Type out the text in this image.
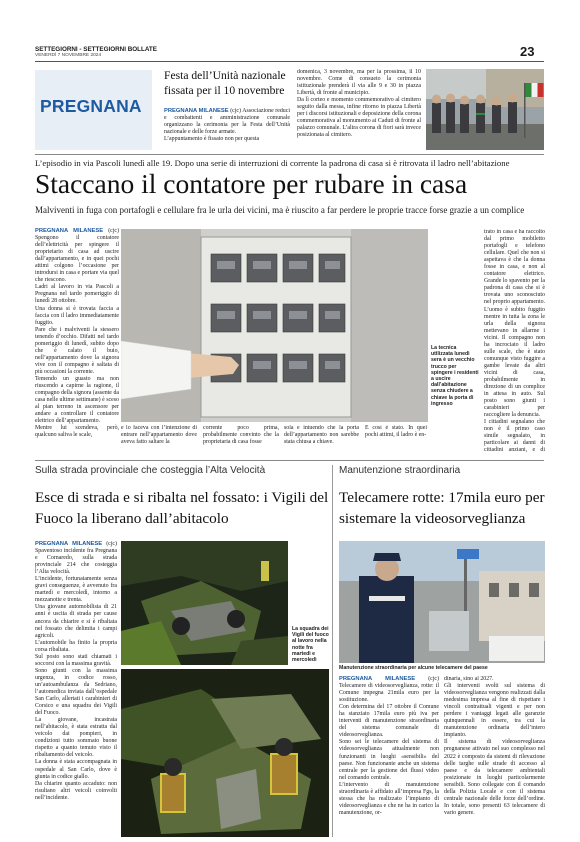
SETTEGIORNI - SETTEGIORNI BOLLATE
VENERDÌ 7 NOVEMBRE 2024	23
PREGNANA
Festa dell’Unità nazionale fissata per il 10 novembre
PREGNANA MILANESE (cjc) Associazione reduci e combattenti e amministrazione comunale organizzano la cerimonia per la Festa dell’Unità nazionale e delle forze armate.
L’appuntamento è fissato non per questa
domenica, 3 novembre, ma per la prossima, il 10 novembre. Come di consueto la cerimonia istituzionale prenderà il via alle 9 e 30 in piazza Libertà, di fronte al municipio.
Da lì corteo e momento commemorativo al cimitero seguito dalla messa, infine ritorno in piazza Libertà per i discorsi istituzionali e deposizione della corona commemorativa al monumento ai Caduti di fronte al palazzo comunale. L’altra corona di fiori sarà invece posizionata al cimitero.
L’episodio in via Pascoli lunedì alle 19. Dopo una serie di interruzioni di corrente la padrona di casa si è ritrovata il ladro nell’abitazione
Staccano il contatore per rubare in casa
Malviventi in fuga con portafogli e cellulare fra le urla dei vicini, ma è riuscito a far perdere le proprie tracce forse grazie a un complice
PREGNANA MILANESE (cjc) Spengono il contatore dell’elettricità per spingere il proprietario di casa ad uscire dall’appartamento, e in quei pochi attimi colgono l’occasione per introdursi in casa e portare via quel che riescono.
Ladri al lavoro in via Pascoli a Pregnana nel tardo pomeriggio di lunedì 28 ottobre.
Una donna si è trovata faccia a faccia con il ladro immediatamente fuggito.
Pare che i malviventi la stessero tenendo d’occhio. Difatti nel tardo pomeriggio di lunedì, subito dopo che è calato il buio, nell’appartamento dove la signora vive con il compagno è saltata di più occasioni la corrente.
Temendo un guasto ma non riuscendo a capirne la ragione, il compagno della signora (assente da casa nelle ultime settimane) è sceso al pian terreno in ascensore per andare a controllare il contatore elettrico dell’appartamento.
Mentre lui scendeva, però, qualcuno saliva le scale,
La tecnica utilizzata lunedì sera è un vecchio trucco per spingere i residenti a uscire dall’abitazione senza chiudere a chiave la porta di ingresso
e lo faceva con l’intenzione di entrare nell’appartamento dove aveva fatto saltare la
corrente poco prima, probabilmente convinto che la proprietaria di casa fosse
sola e intuendo che la porta dell’appartamento non sarebbe stata chiusa a chiave.
E così è stato. In quei pochi attimi, il ladro è en-
trato in casa e ha raccolto dal primo mobiletto portafogli e telefono cellulare. Quel che non si aspettava è che la donna fosse in casa, e non al contatore elettrico. Grande lo spavento per la padrona di casa che si è trovata uno sconosciuto nel proprio appartamento.
L’uomo è subito fuggito mentre in tutta la zona le urla della signora mettevano in allarme i vicini. Il compagno non ha incrociato il ladro sulle scale, che è stato comunque visto fuggire a gambe levate da altri vicini di casa, probabilmente in direzione di un complice in attesa in auto. Sul posto sono giunti i carabinieri per raccogliere la denuncia.
I cittadini segnalano che non è il primo caso simile segnalato, in particolare ai danni di cittadini anziani, e di
Sulla strada provinciale che costeggia l’Alta Velocità
Esce di strada e si ribalta nel fossato: i Vigili del Fuoco la liberano dall’abitacolo
PREGNANA MILANESE (cjc) Spaventoso incidente fra Pregnana e Cornaredo, sulla strada provinciale 214 che costeggia l’Alta velocità.
L’incidente, fortunatamente senza gravi conseguenze, è avvenuto fra martedì e mercoledì, intorno a mezzanotte e trenta.
Una giovane automobilista di 21 anni è uscita di strada per cause ancora da chiarire e si è ribaltata nel fossato che delimita i campi agricoli.
L’automobile ha finito la propria corsa ribaltata.
Sul posto sono stati chiamati i soccorsi con la massima gravità.
Sono giunti con la massima urgenza, in codice rosso, un’autoambulanza da Sedriano, l’automedica inviata dall’ospedale San Carlo, allertati i carabinieri di Corsico e una squadra dei Vigili del Fuoco.
La giovane, incastrata nell’abitacolo, è stata estratta dal veicolo dai pompieri, in condizioni tutto sommato buone rispetto a quanto temuto visto il ribaltamento del veicolo.
La donna è stata accompagnata in ospedale al San Carlo, dove è giunta in codice giallo.
Da chiarire quanto accaduto: non risultano altri veicoli coinvolti nell’incidente.
La squadra dei Vigili del fuoco al lavoro nella notte fra martedì e mercoledì
Manutenzione straordinaria
Telecamere rotte: 17mila euro per sistemare la videosorveglianza
Manutenzione straordinaria per alcune telecamere del paese
PREGNANA MILANESE (cjc) Telecamere di videosorveglianza, rotte: il Comune impegna 21mila euro per la sostituzione.
Con determina del 17 ottobre il Comune ha stanziato 17mila euro più iva per interventi di manutenzione straordinaria del sistema comunale di videosorveglianza.
Sono sei le telecamere del sistema di videosorveglianza attualmente non funzionanti in luoghi «sensibili» del paese. Non funzionante anche un sistema centrale per la gestione dei flussi video nel comando centrale.
L’intervento di manutenzione straordinaria è affidato all’impresa Fgs, la stessa che ha realizzato l’impianto di videosorveglianza e che ne ha in carico la manutenzione, or-
dinaria, sino al 2027.
Gli interventi svolti sul sistema di videosorveglianza vengono realizzati dalla medesima impresa al fine di rispettare i vincoli contrattuali vigenti e per non perdere i vantaggi legati alle garanzie quinquennali in essere, tra cui la manutenzione ordinaria dell’intero impianto.
Il sistema di videosorveglianza pregnanese attivato nel suo complesso nel 2022 è composto da sistemi di rilevazione delle targhe sulle strade di accesso al paese e da telecamere ambientali posizionate in luoghi particolarmente sensibili. Sono collegate con il comando della Polizia Locale e con il sistema centrale nazionale delle forze dell’ordine. In totale, sono presenti 63 telecamere di vario genere.
